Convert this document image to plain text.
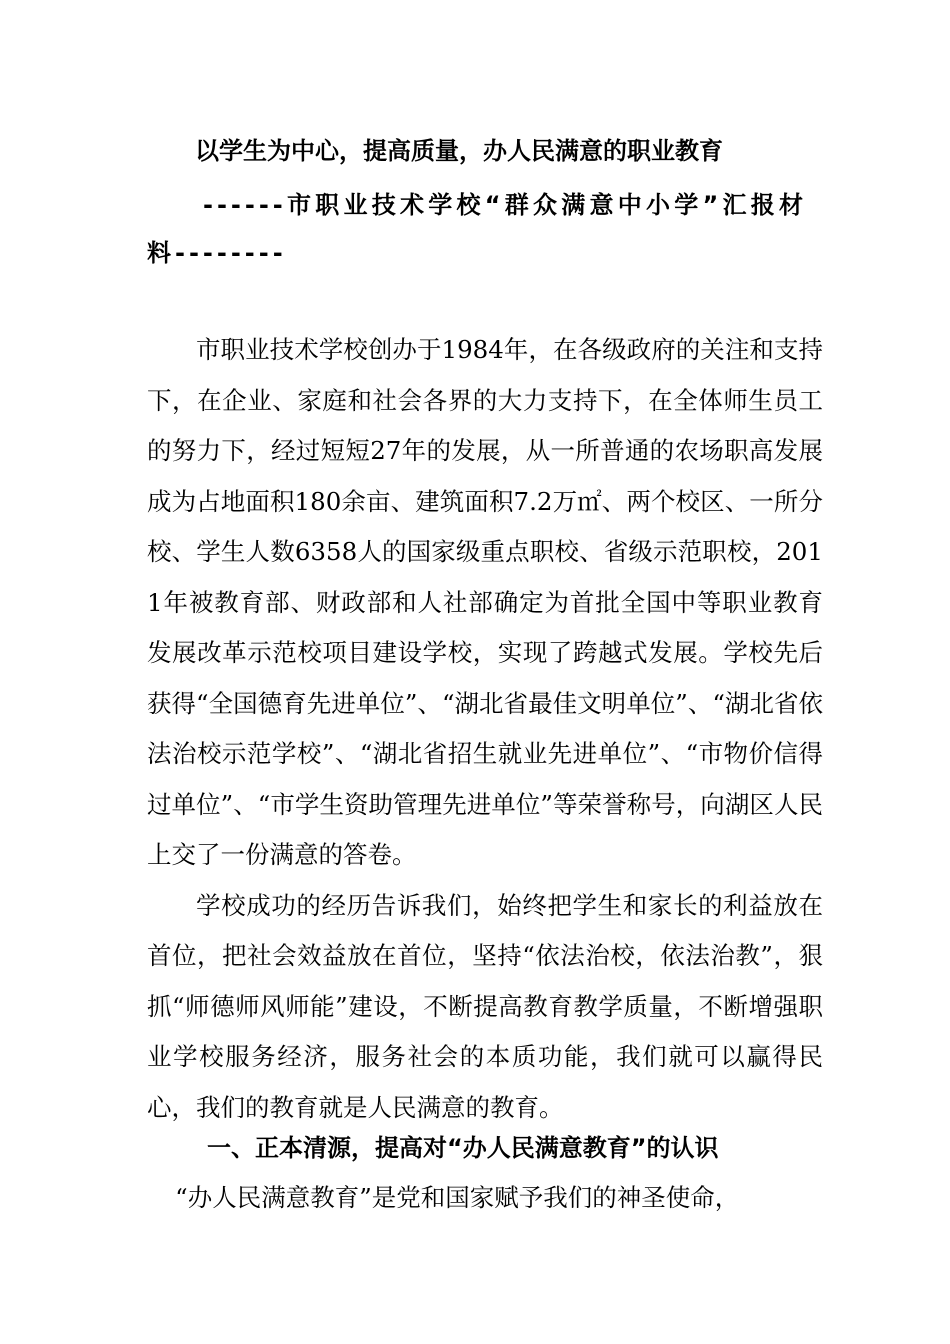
以学生为中心，提高质量，办人民满意的职业教育
------市职业技术学校“群众满意中小学”汇报材料--------

市职业技术学校创办于1984年，在各级政府的关注和支持下，在企业、家庭和社会各界的大力支持下，在全体师生员工的努力下，经过短短27年的发展，从一所普通的农场职高发展成为占地面积180余亩、建筑面积7.2万㎡、两个校区、一所分校、学生人数6358人的国家级重点职校、省级示范职校，2011年被教育部、财政部和人社部确定为首批全国中等职业教育发展改革示范校项目建设学校，实现了跨越式发展。学校先后获得“全国德育先进单位”、“湖北省最佳文明单位”、“湖北省依法治校示范学校”、“湖北省招生就业先进单位”、“市物价信得过单位”、“市学生资助管理先进单位”等荣誉称号，向湖区人民上交了一份满意的答卷。

学校成功的经历告诉我们，始终把学生和家长的利益放在首位，把社会效益放在首位，坚持“依法治校，依法治教”，狠抓“师德师风师能”建设，不断提高教育教学质量，不断增强职业学校服务经济，服务社会的本质功能，我们就可以赢得民心，我们的教育就是人民满意的教育。

一、正本清源，提高对“办人民满意教育”的认识

“办人民满意教育”是党和国家赋予我们的神圣使命，
